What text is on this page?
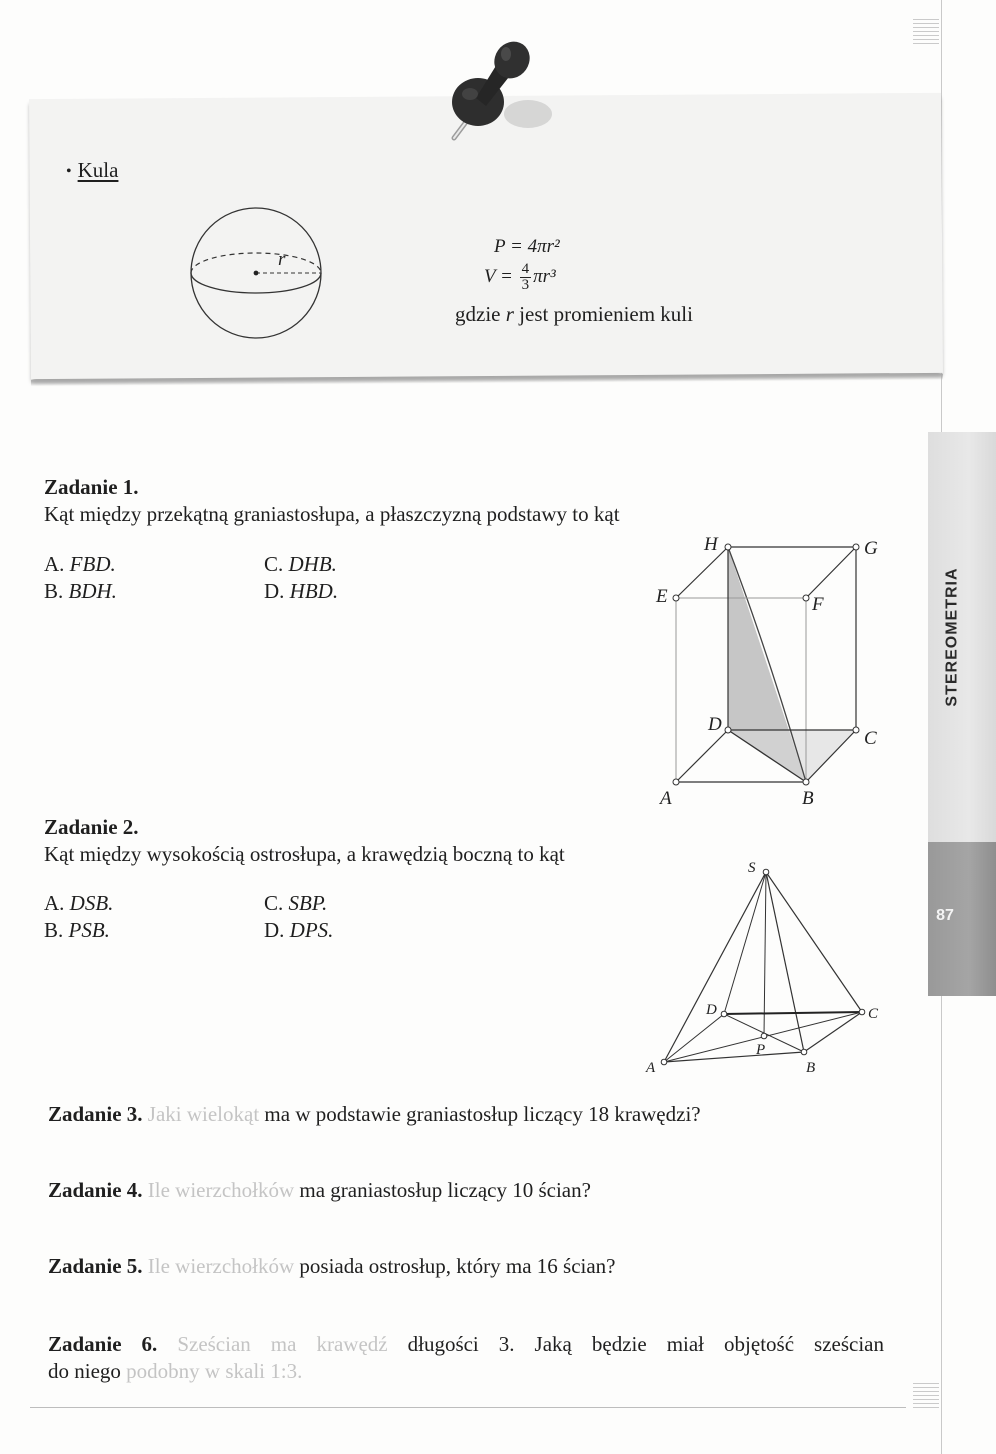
STEREOMETRIA
87
• Kula
r
P = 4πr²
$V = \frac{4}{3} \pi r^3$
gdzie r jest promieniem kuli
Zadanie 1.
Kąt między przekątną graniastosłupa, a płaszczyzną podstawy to kąt
A. FBD.
B. BDH.
C. DHB.
D. HBD.
H	G
E	F
D
C
A	B
Zadanie 2.
Kąt między wysokością ostrosłupa, a krawędzią boczną to kąt
A. DSB.
B. PSB.
C. SBP.
D. DPS.
S
D	C
P
A	B
Zadanie 3. Jaki wielokąt ma w podstawie graniastosłup liczący 18 krawędzi?
Zadanie 4. Ile wierzchołków ma graniastosłup liczący 10 ścian?
Zadanie 5. Ile wierzchołków posiada ostrosłup, który ma 16 ścian?
Zadanie 6. Sześcian ma krawędź długości 3. Jaką będzie miał objętość sześcian
do niego podobny w skali 1:3.
